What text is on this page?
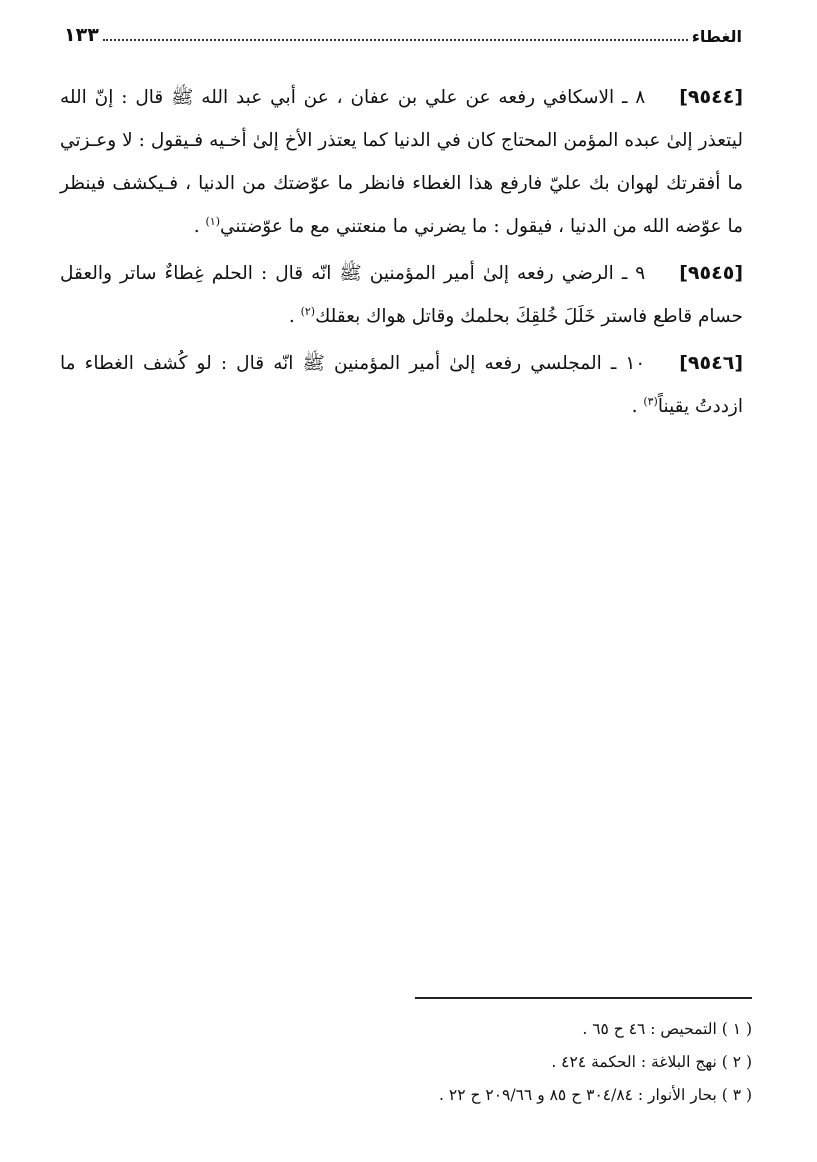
الغطاء
١٣٣

[٩٥٤٤]٨ ـ الاسكافي رفعه عن علي بن عفان ، عن أبي عبد الله ﷺ قال : إنّ الله ليتعذر إلىٰ عبده المؤمن المحتاج كان في الدنيا كما يعتذر الأخ إلىٰ أخـيه فـيقول : لا وعـزتي ما أفقرتك لهوان بك عليّ فارفع هذا الغطاء فانظر ما عوّضتك من الدنيا ، فـيكشف فينظر ما عوّضه الله من الدنيا ، فيقول : ما يضرني ما منعتني مع ما عوّضتني$^{(١)}$ .

[٩٥٤٥]٩ ـ الرضي رفعه إلىٰ أمير المؤمنين ﷺ انّه قال : الحلم غِطاءٌ ساتر والعقل حسام قاطع فاستر خَلَلَ خُلقِكَ بحلمك وقاتل هواك بعقلك$^{(٢)}$ .

[٩٥٤٦]١٠ ـ المجلسي رفعه إلىٰ أمير المؤمنين ﷺ انّه قال : لو كُشف الغطاء ما ازددتُ يقيناً$^{(٣)}$ .

( ١ ) التمحيص : ٤٦ ح ٦٥ .
( ٢ ) نهج البلاغة : الحكمة ٤٢٤ .
( ٣ ) بحار الأنوار : ٣٠٤/٨٤ ح ٨٥ و ٢٠٩/٦٦ ح ٢٢ .
